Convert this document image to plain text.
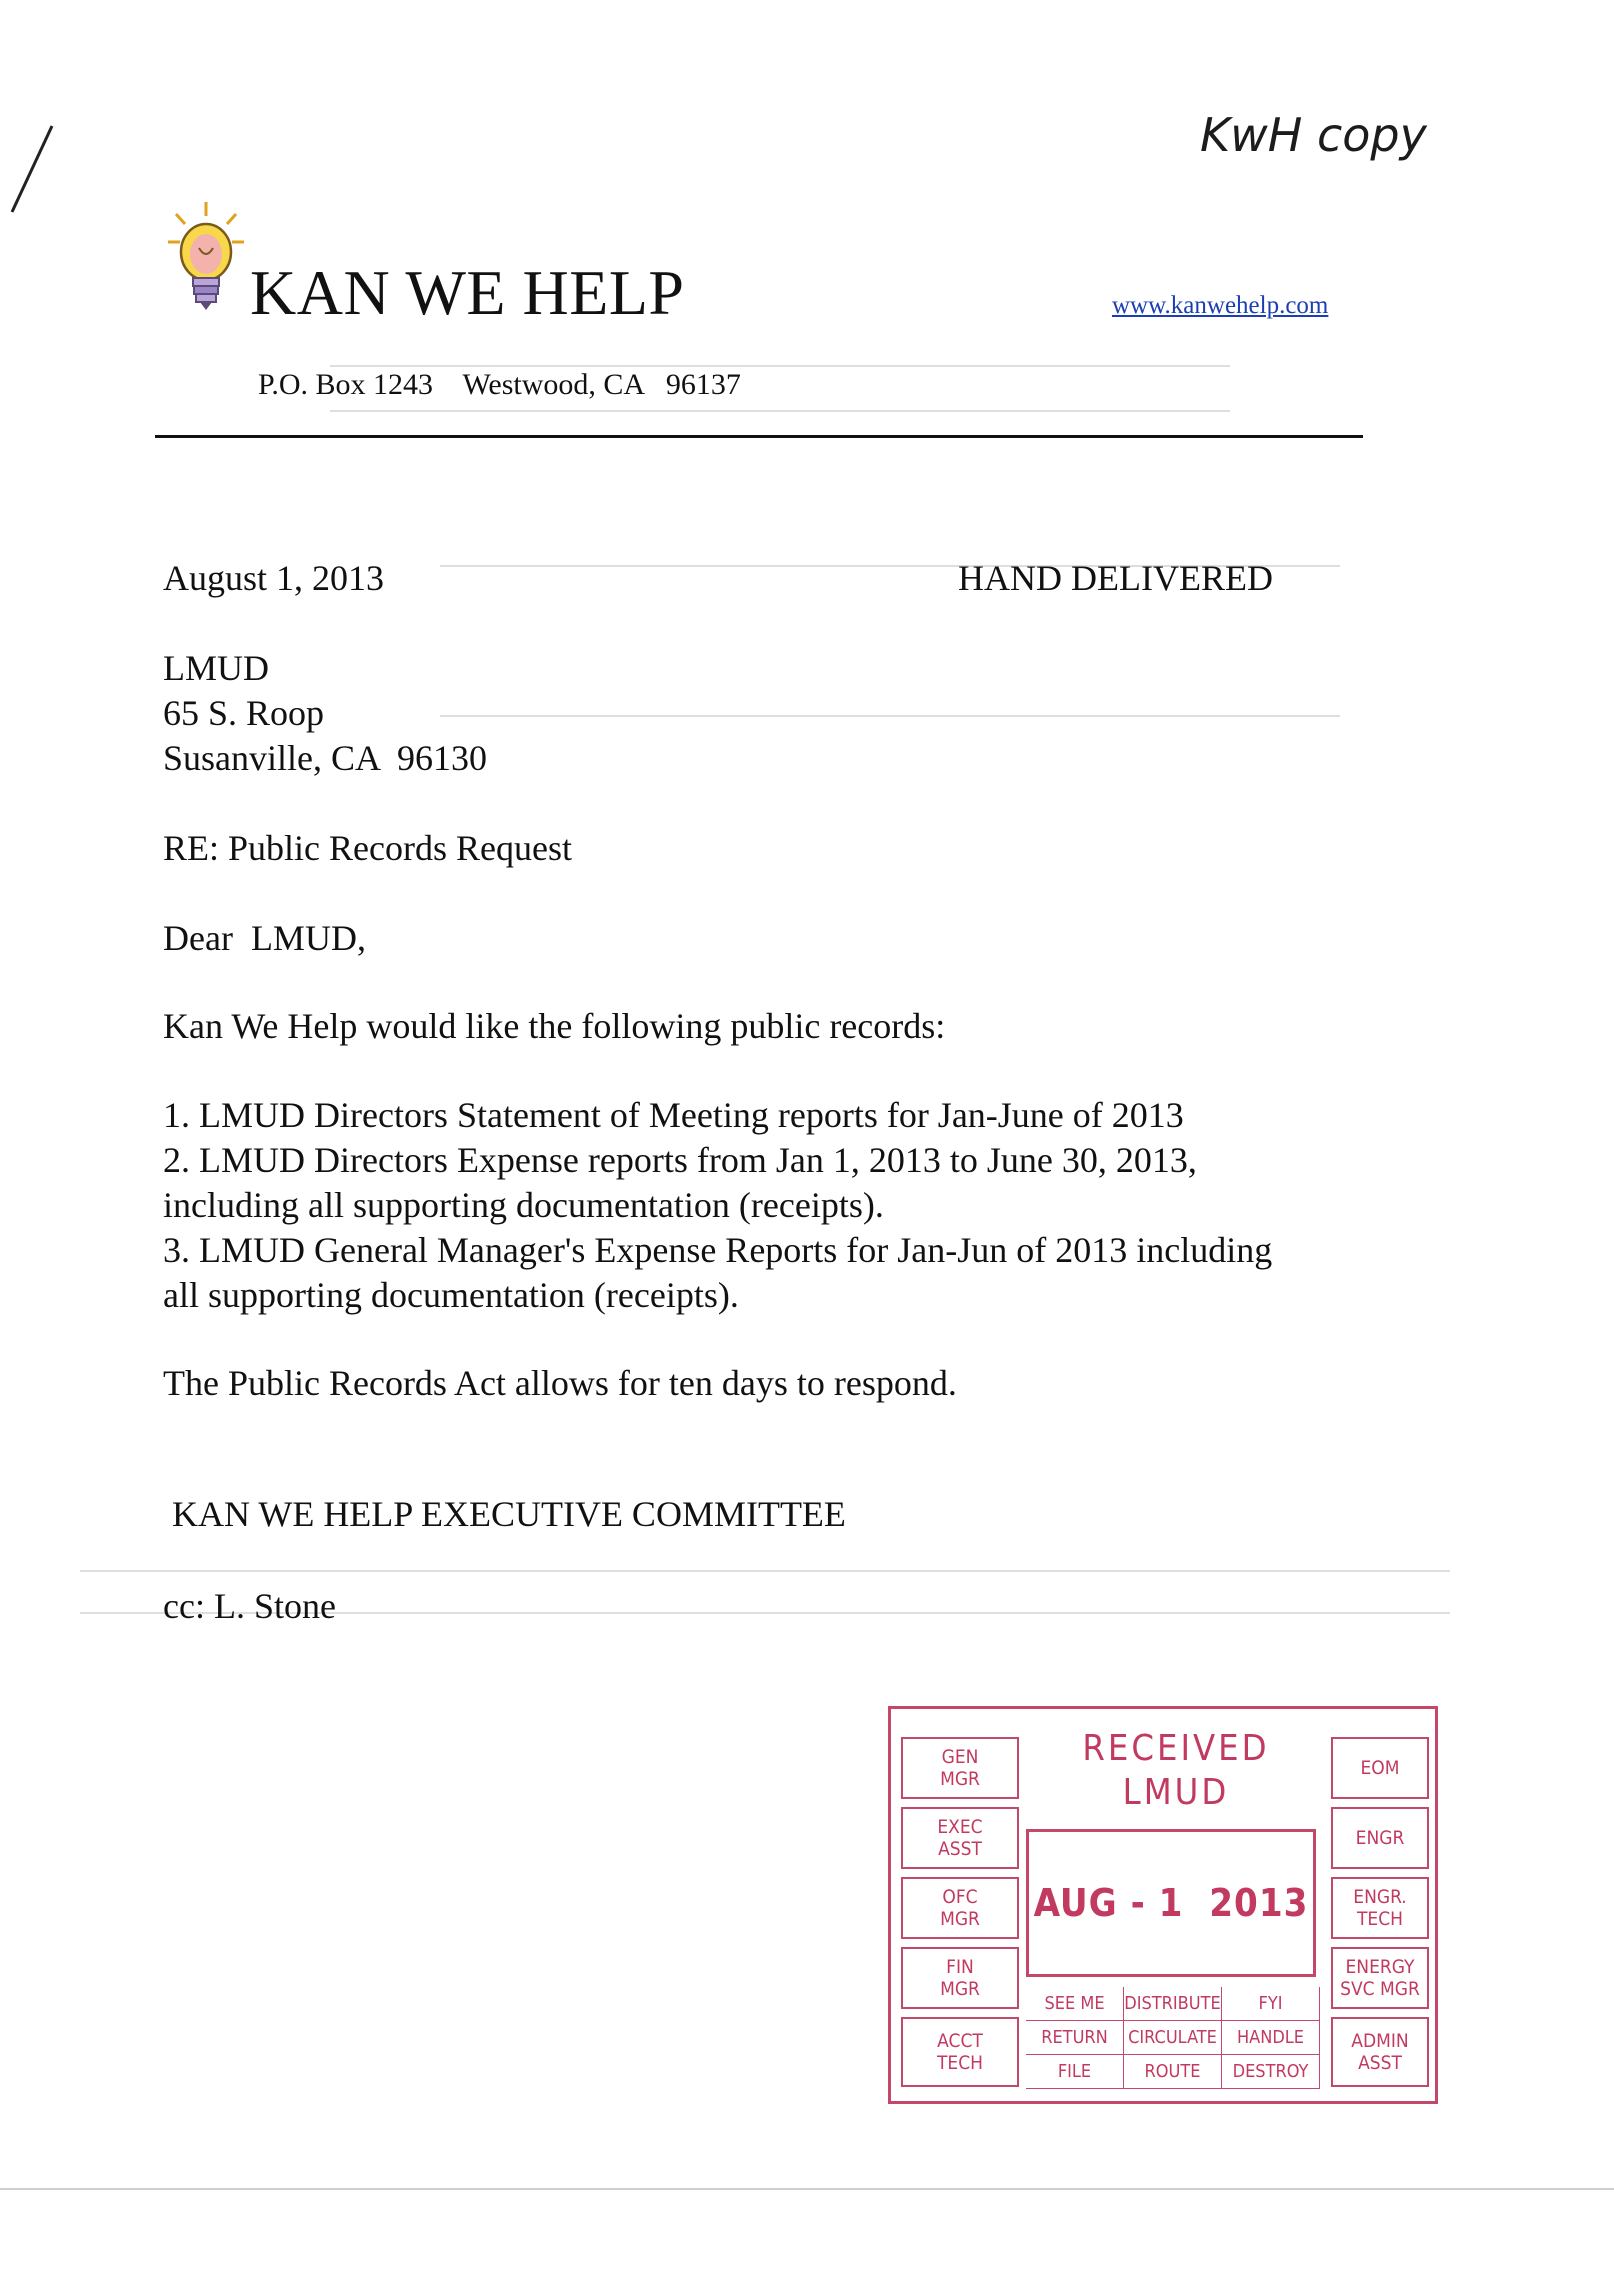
KwH copy
KAN WE HELP	www.kanwehelp.com
P.O. Box 1243    Westwood, CA   96137
August 1, 2013	HAND DELIVERED
LMUD
65 S. Roop
Susanville, CA  96130
RE: Public Records Request
Dear  LMUD,
Kan We Help would like the following public records:
1. LMUD Directors Statement of Meeting reports for Jan-June of 2013
2. LMUD Directors Expense reports from Jan 1, 2013 to June 30, 2013,
including all supporting documentation (receipts).
3. LMUD General Manager's Expense Reports for Jan-Jun of 2013 including
all supporting documentation (receipts).
The Public Records Act allows for ten days to respond.
KAN WE HELP EXECUTIVE COMMITTEE
cc: L. Stone
GEN
MGR
EXEC
ASST
OFC
MGR
FIN
MGR
ACCT
TECH
RECEIVED
LMUD
AUG - 1  2013
SEE ME	DISTRIBUTE	FYI
RETURN	CIRCULATE	HANDLE
FILE	ROUTE	DESTROY
EOM
ENGR
ENGR.
TECH
ENERGY
SVC MGR
ADMIN
ASST
